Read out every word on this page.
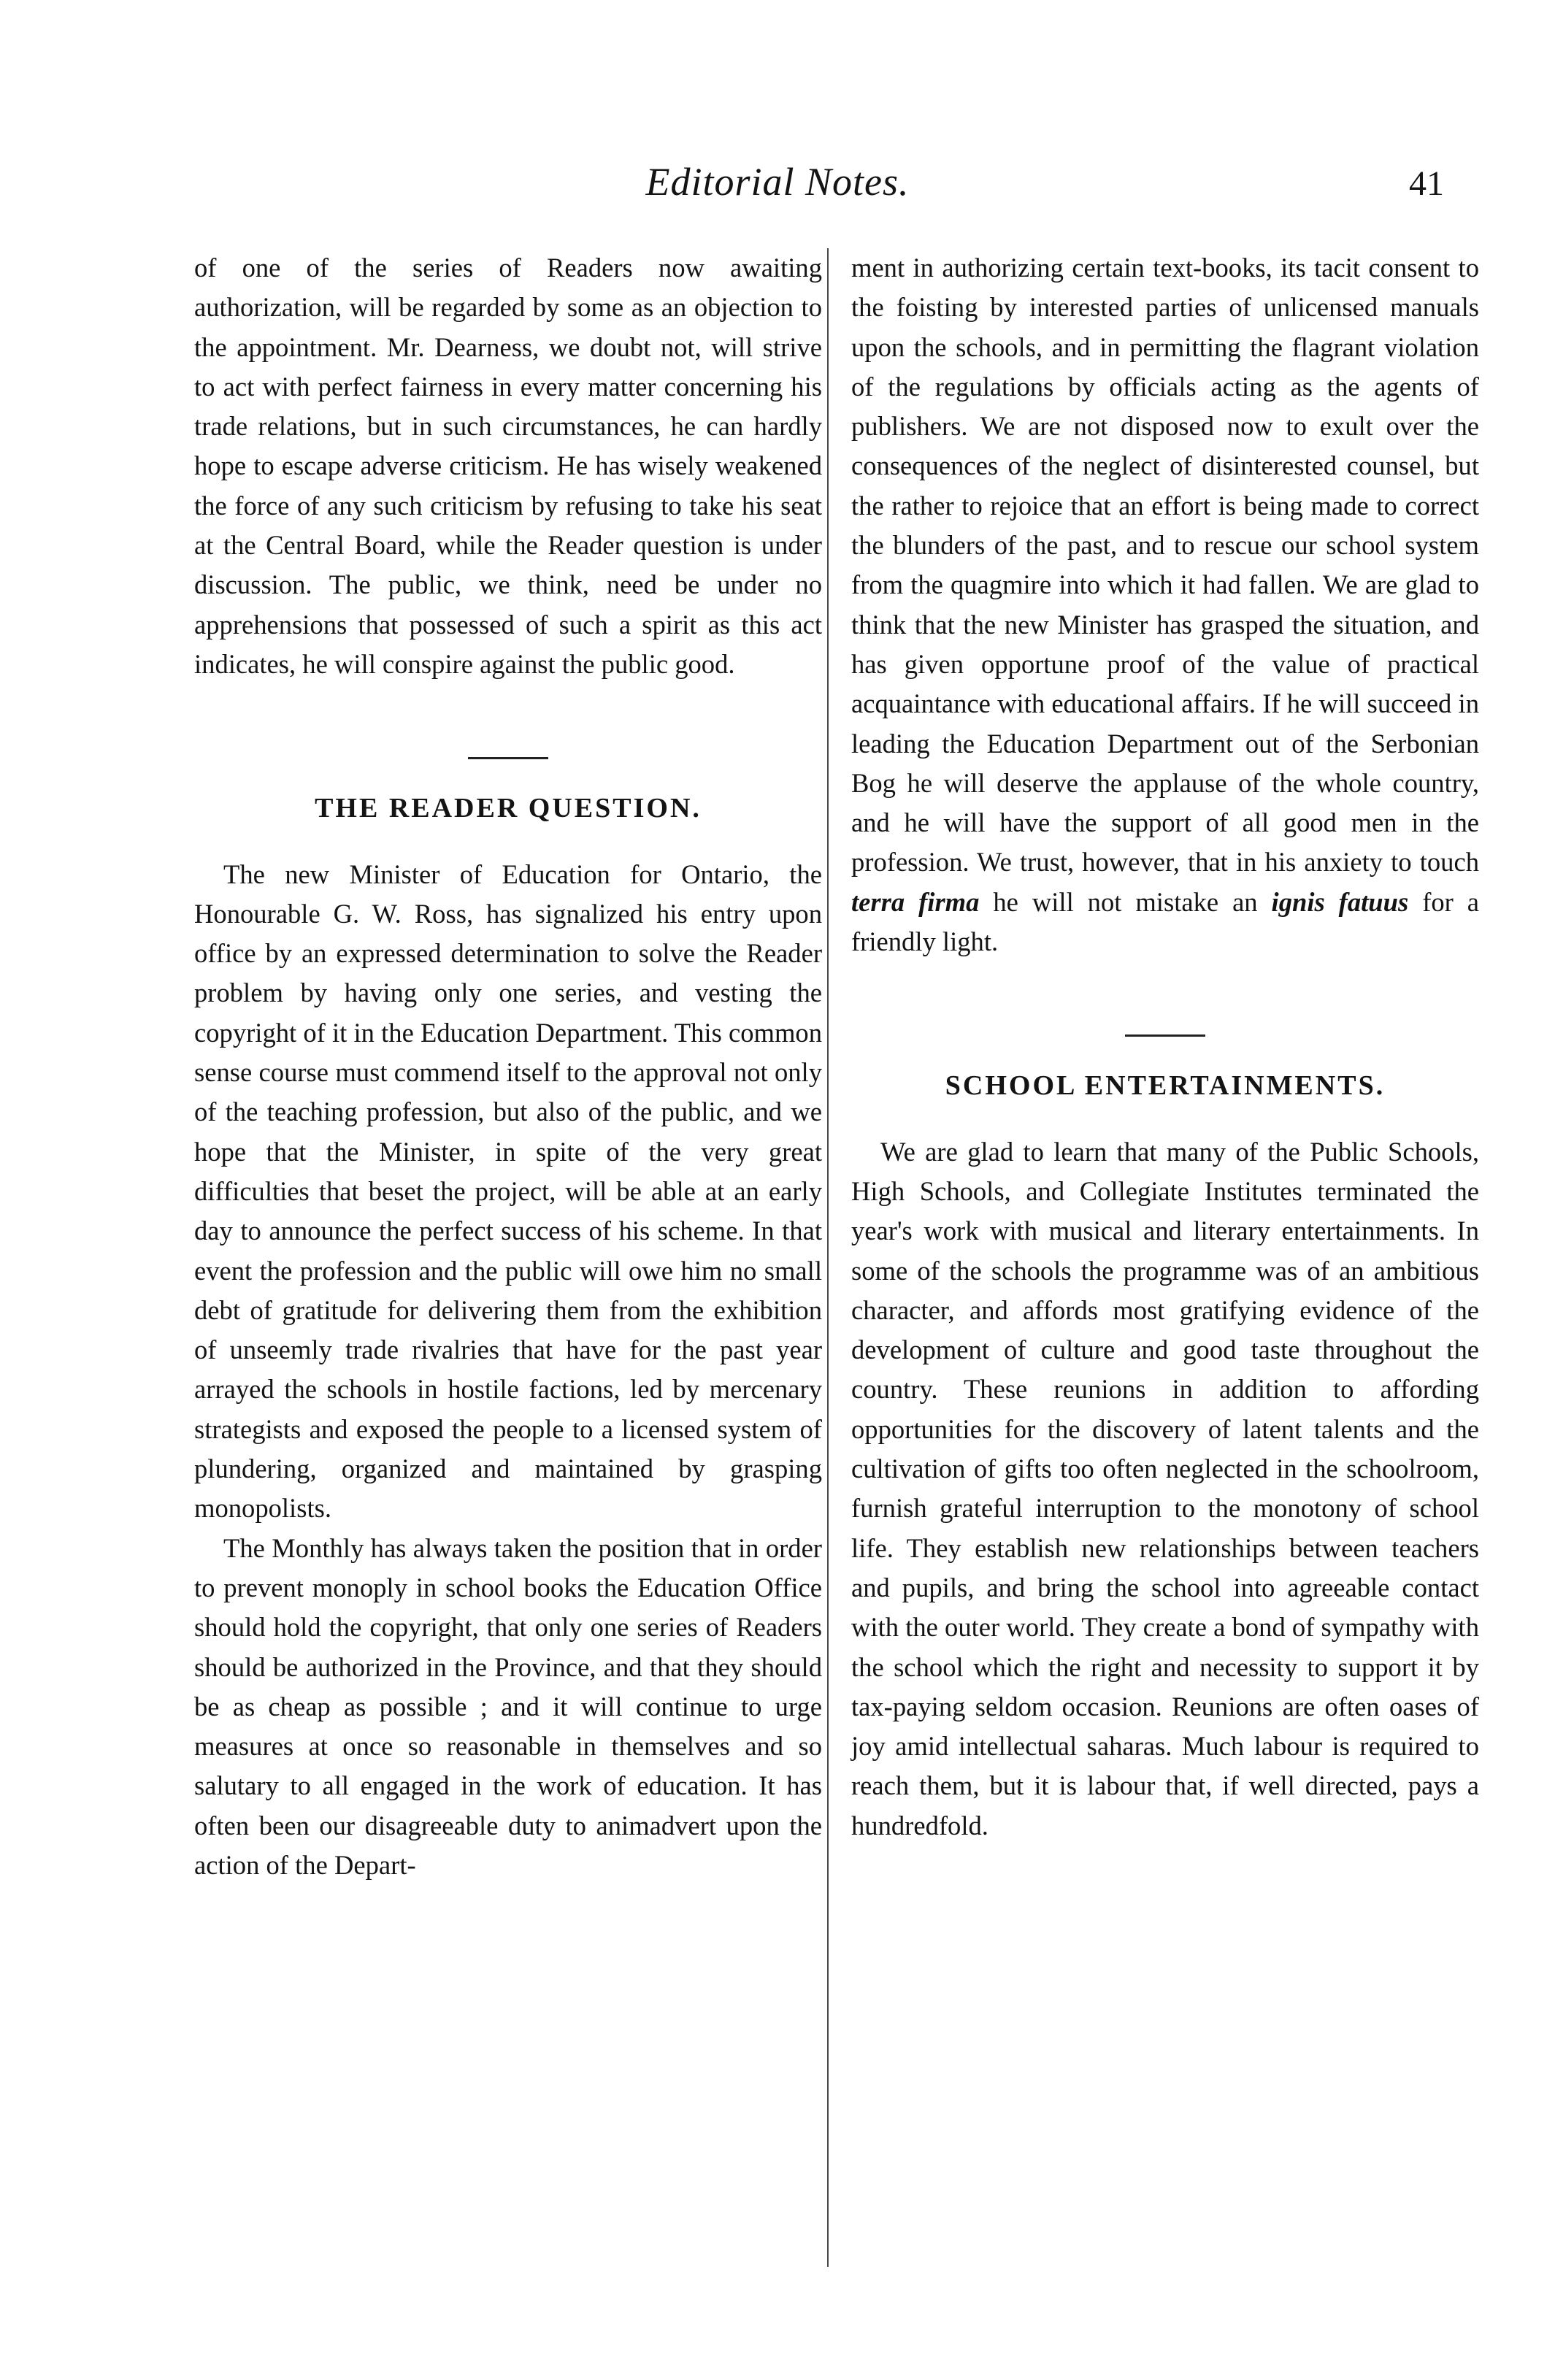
Editorial Notes.	41

of one of the series of Readers now awaiting authorization, will be regarded by some as an objection to the appointment. Mr. Dearness, we doubt not, will strive to act with perfect fairness in every matter concerning his trade relations, but in such circumstances, he can hardly hope to escape adverse criticism. He has wisely weakened the force of any such criticism by refusing to take his seat at the Central Board, while the Reader question is under discussion. The public, we think, need be under no apprehensions that possessed of such a spirit as this act indicates, he will conspire against the public good.

THE READER QUESTION.

The new Minister of Education for Ontario, the Honourable G. W. Ross, has signalized his entry upon office by an expressed determination to solve the Reader problem by having only one series, and vesting the copyright of it in the Education Department. This common sense course must commend itself to the approval not only of the teaching profession, but also of the public, and we hope that the Minister, in spite of the very great difficulties that beset the project, will be able at an early day to announce the perfect success of his scheme. In that event the profession and the public will owe him no small debt of gratitude for delivering them from the exhibition of unseemly trade rivalries that have for the past year arrayed the schools in hostile factions, led by mercenary strategists and exposed the people to a licensed system of plundering, organized and maintained by grasping monopolists.

The Monthly has always taken the position that in order to prevent monoply in school books the Education Office should hold the copyright, that only one series of Readers should be authorized in the Province, and that they should be as cheap as possible ; and it will continue to urge measures at once so reasonable in themselves and so salutary to all engaged in the work of education. It has often been our disagreeable duty to animadvert upon the action of the Depart-

ment in authorizing certain text-books, its tacit consent to the foisting by interested parties of unlicensed manuals upon the schools, and in permitting the flagrant violation of the regulations by officials acting as the agents of publishers. We are not disposed now to exult over the consequences of the neglect of disinterested counsel, but the rather to rejoice that an effort is being made to correct the blunders of the past, and to rescue our school system from the quagmire into which it had fallen. We are glad to think that the new Minister has grasped the situation, and has given opportune proof of the value of practical acquaintance with educational affairs. If he will succeed in leading the Education Department out of the Serbonian Bog he will deserve the applause of the whole country, and he will have the support of all good men in the profession. We trust, however, that in his anxiety to touch terra firma he will not mistake an ignis fatuus for a friendly light.

SCHOOL ENTERTAINMENTS.

We are glad to learn that many of the Public Schools, High Schools, and Collegiate Institutes terminated the year's work with musical and literary entertainments. In some of the schools the programme was of an ambitious character, and affords most gratifying evidence of the development of culture and good taste throughout the country. These reunions in addition to affording opportunities for the discovery of latent talents and the cultivation of gifts too often neglected in the schoolroom, furnish grateful interruption to the monotony of school life. They establish new relationships between teachers and pupils, and bring the school into agreeable contact with the outer world. They create a bond of sympathy with the school which the right and necessity to support it by tax-paying seldom occasion. Reunions are often oases of joy amid intellectual saharas. Much labour is required to reach them, but it is labour that, if well directed, pays a hundredfold.
